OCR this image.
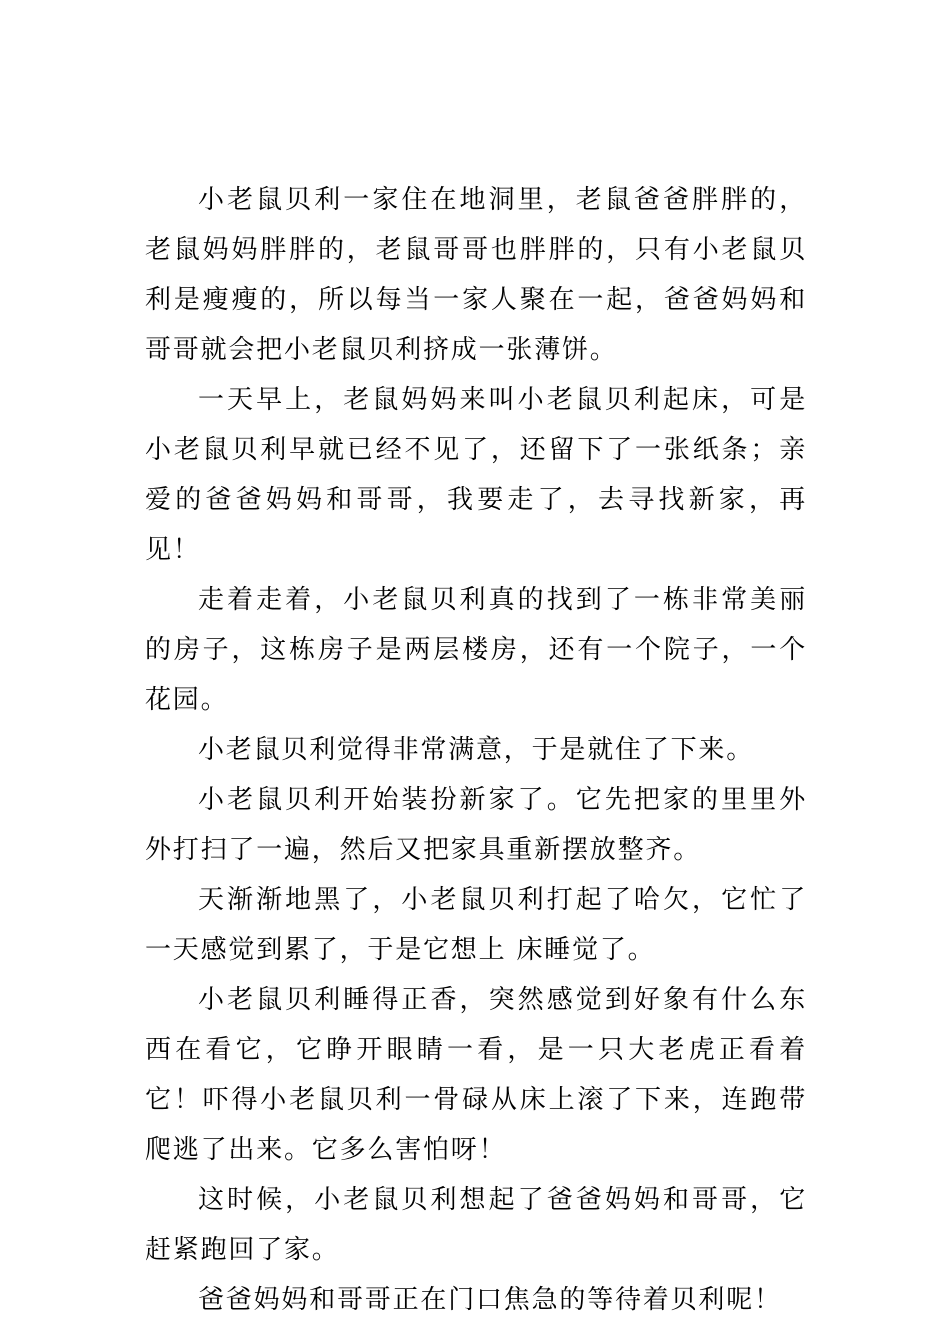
小老鼠贝利一家住在地洞里，老鼠爸爸胖胖的，老鼠妈妈胖胖的，老鼠哥哥也胖胖的，只有小老鼠贝利是瘦瘦的，所以每当一家人聚在一起，爸爸妈妈和哥哥就会把小老鼠贝利挤成一张薄饼。

一天早上，老鼠妈妈来叫小老鼠贝利起床，可是小老鼠贝利早就已经不见了，还留下了一张纸条；亲爱的爸爸妈妈和哥哥，我要走了，去寻找新家，再见！

走着走着，小老鼠贝利真的找到了一栋非常美丽的房子，这栋房子是两层楼房，还有一个院子，一个花园。

小老鼠贝利觉得非常满意，于是就住了下来。

小老鼠贝利开始装扮新家了。它先把家的里里外外打扫了一遍，然后又把家具重新摆放整齐。

天渐渐地黑了，小老鼠贝利打起了哈欠，它忙了一天感觉到累了，于是它想上 床睡觉了。

小老鼠贝利睡得正香，突然感觉到好象有什么东西在看它，它睁开眼睛一看，是一只大老虎正看着它！吓得小老鼠贝利一骨碌从床上滚了下来，连跑带爬逃了出来。它多么害怕呀！

这时候，小老鼠贝利想起了爸爸妈妈和哥哥，它赶紧跑回了家。

爸爸妈妈和哥哥正在门口焦急的等待着贝利呢！
